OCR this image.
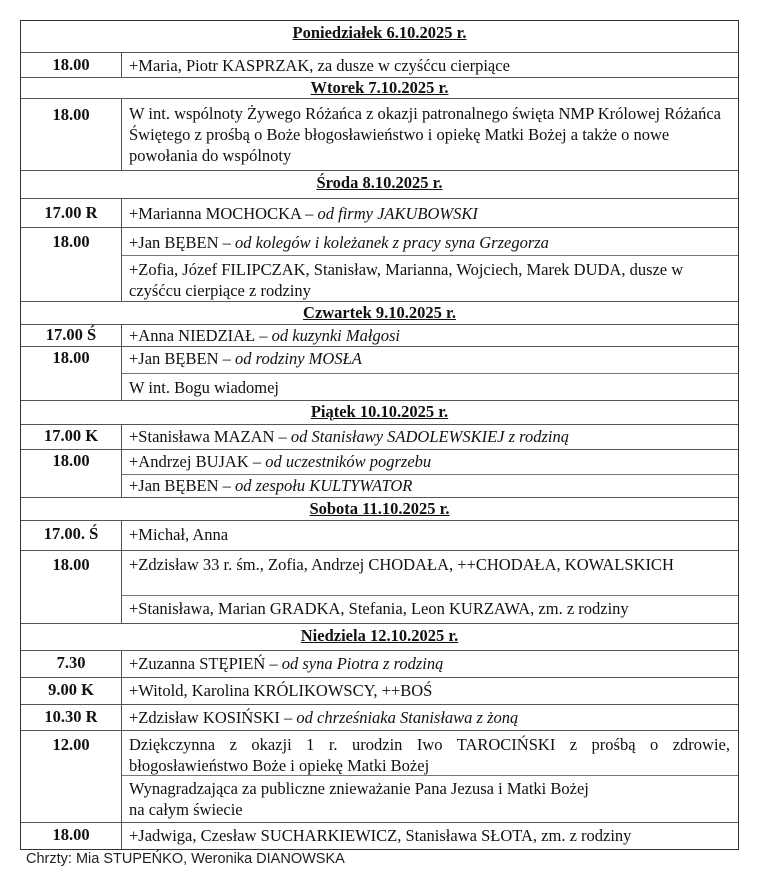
Poniedziałek 6.10.2025 r.
18.00	+Maria, Piotr KASPRZAK, za dusze w czyśćcu cierpiące
Wtorek 7.10.2025 r.
18.00	W int. wspólnoty Żywego Różańca z okazji patronalnego święta NMP Królowej Różańca Świętego z prośbą o Boże błogosławieństwo i opiekę Matki Bożej a także o nowe powołania do wspólnoty
Środa 8.10.2025 r.
17.00 R	+Marianna MOCHOCKA – od firmy JAKUBOWSKI
18.00	+Jan BĘBEN – od kolegów i koleżanek z pracy syna Grzegorza
+Zofia, Józef FILIPCZAK, Stanisław, Marianna, Wojciech, Marek DUDA, dusze w czyśćcu cierpiące z rodziny
Czwartek 9.10.2025 r.
17.00 Ś	+Anna NIEDZIAŁ – od kuzynki Małgosi
18.00	+Jan BĘBEN – od rodziny MOSŁA
W int. Bogu wiadomej
Piątek 10.10.2025 r.
17.00 K	+Stanisława MAZAN – od Stanisławy SADOLEWSKIEJ z rodziną
18.00	+Andrzej BUJAK – od uczestników pogrzebu
+Jan BĘBEN – od zespołu KULTYWATOR
Sobota 11.10.2025 r.
17.00. Ś	+Michał, Anna
18.00	+Zdzisław 33 r. śm., Zofia, Andrzej CHODAŁA, ++CHODAŁA, KOWALSKICH
+Stanisława, Marian GRADKA, Stefania, Leon KURZAWA, zm. z rodziny
Niedziela 12.10.2025 r.
7.30	+Zuzanna STĘPIEŃ – od syna Piotra z rodziną
9.00 K	+Witold, Karolina KRÓLIKOWSCY, ++BOŚ
10.30 R	+Zdzisław KOSIŃSKI – od chrześniaka Stanisława z żoną
12.00	Dziękczynna z okazji 1 r. urodzin Iwo TAROCIŃSKI z prośbą o zdrowie, błogosławieństwo Boże i opiekę Matki Bożej
Wynagradzająca za publiczne znieważanie Pana Jezusa i Matki Bożej
na całym świecie
18.00	+Jadwiga, Czesław SUCHARKIEWICZ, Stanisława SŁOTA, zm. z rodziny
Chrzty: Mia STUPEŃKO, Weronika DIANOWSKA
